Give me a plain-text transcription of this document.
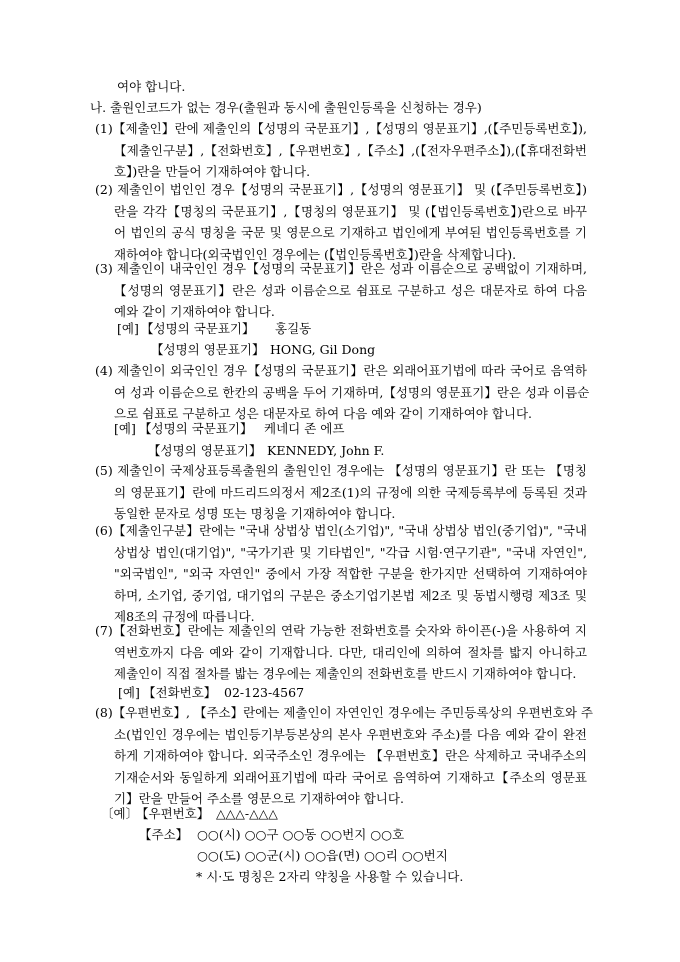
여야 합니다.
나. 출원인코드가 없는 경우(출원과 동시에 출원인등록을 신청하는 경우)
(1)【제출인】란에 제출인의【성명의 국문표기】,【성명의 영문표기】,(【주민등록번호】),
【제출인구분】,【전화번호】,【우편번호】,【주소】,(【전자우편주소】),(【휴대전화번
호】)란을 만들어 기재하여야 합니다.
(2) 제출인이 법인인 경우【성명의 국문표기】,【성명의 영문표기】 및 (【주민등록번호】)
란을 각각【명칭의 국문표기】,【명칭의 영문표기】 및 (【법인등록번호】)란으로 바꾸
어 법인의 공식 명칭을 국문 및 영문으로 기재하고 법인에게 부여된 법인등록번호를 기
재하여야 합니다(외국법인인 경우에는 (【법인등록번호】)란을 삭제합니다).
(3) 제출인이 내국인인 경우【성명의 국문표기】란은 성과 이름순으로 공백없이 기재하며,
【성명의 영문표기】란은 성과 이름순으로 쉼표로 구분하고 성은 대문자로 하여 다음
예와 같이 기재하여야 합니다.
[예] 【성명의 국문표기】 홍길동
【성명의 영문표기】 HONG, Gil Dong
(4) 제출인이 외국인인 경우【성명의 국문표기】란은 외래어표기법에 따라 국어로 음역하
여 성과 이름순으로 한칸의 공백을 두어 기재하며,【성명의 영문표기】란은 성과 이름순
으로 쉼표로 구분하고 성은 대문자로 하여 다음 예와 같이 기재하여야 합니다.
[예] 【성명의 국문표기】 케네디 존 에프
【성명의 영문표기】 KENNEDY, John F.
(5) 제출인이 국제상표등록출원의 출원인인 경우에는 【성명의 영문표기】란 또는 【명칭
의 영문표기】란에 마드리드의정서 제2조(1)의 규정에 의한 국제등록부에 등록된 것과
동일한 문자로 성명 또는 명칭을 기재하여야 합니다.
(6)【제출인구분】란에는 "국내 상법상 법인(소기업)", "국내 상법상 법인(중기업)", "국내
상법상 법인(대기업)", "국가기관 및 기타법인", "각급 시험·연구기관", "국내 자연인",
"외국법인", "외국 자연인" 중에서 가장 적합한 구분을 한가지만 선택하여 기재하여야
하며, 소기업, 중기업, 대기업의 구분은 중소기업기본법 제2조 및 동법시행령 제3조 및
제8조의 규정에 따릅니다.
(7)【전화번호】란에는 제출인의 연락 가능한 전화번호를 숫자와 하이픈(-)을 사용하여 지
역번호까지 다음 예와 같이 기재합니다. 다만, 대리인에 의하여 절차를 밟지 아니하고
제출인이 직접 절차를 밟는 경우에는 제출인의 전화번호를 반드시 기재하여야 합니다.
[예] 【전화번호】 02-123-4567
(8)【우편번호】, 【주소】란에는 제출인이 자연인인 경우에는 주민등록상의 우편번호와 주
소(법인인 경우에는 법인등기부등본상의 본사 우편번호와 주소)를 다음 예와 같이 완전
하게 기재하여야 합니다. 외국주소인 경우에는 【우편번호】란은 삭제하고 국내주소의
기재순서와 동일하게 외래어표기법에 따라 국어로 음역하여 기재하고【주소의 영문표
기】란을 만들어 주소를 영문으로 기재하여야 합니다.
〔예〕
【우편번호】 △△△-△△△
【주소】 ○○(시) ○○구 ○○동 ○○번지 ○○호
○○(도) ○○군(시) ○○읍(면) ○○리 ○○번지
* 시·도 명칭은 2자리 약칭을 사용할 수 있습니다.
